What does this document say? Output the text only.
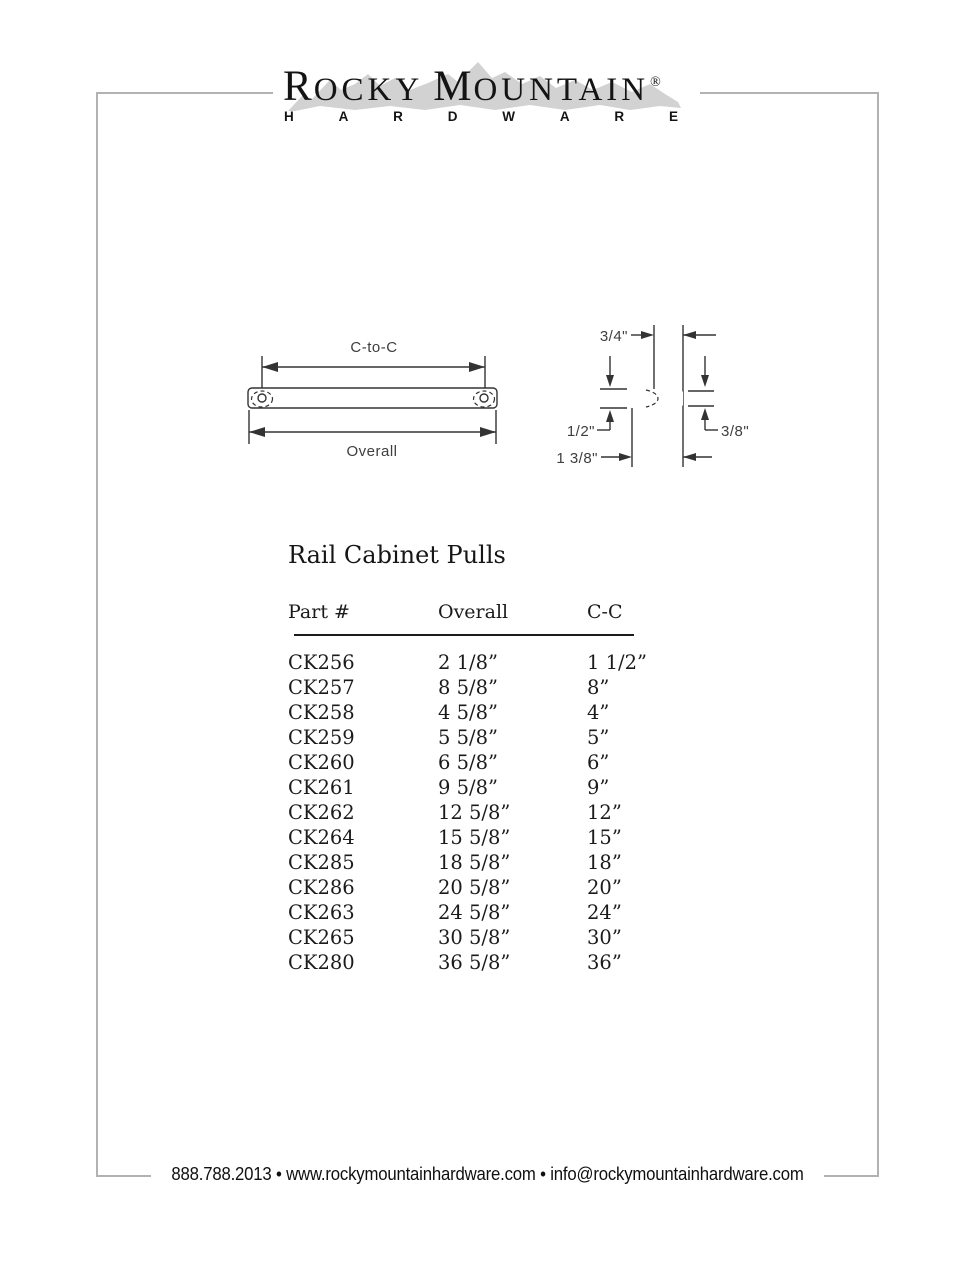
R OCKY M OUNTAIN ®
H	A	R	D	W	A	R	E
C-to-C
Overall
3/4"
1/2"	3/8"
1 3/8"
Rail Cabinet Pulls
Part #	Overall	C-C
CK256	2 1/8”	1 1/2”
CK257	8 5/8”	8”
CK258	4 5/8”	4”
CK259	5 5/8”	5”
CK260	6 5/8”	6”
CK261	9 5/8”	9”
CK262	12 5/8”	12”
CK264	15 5/8”	15”
CK285	18 5/8”	18”
CK286	20 5/8”	20”
CK263	24 5/8”	24”
CK265	30 5/8”	30”
CK280	36 5/8”	36”
888.788.2013 • www.rockymountainhardware.com • info@rockymountainhardware.com
